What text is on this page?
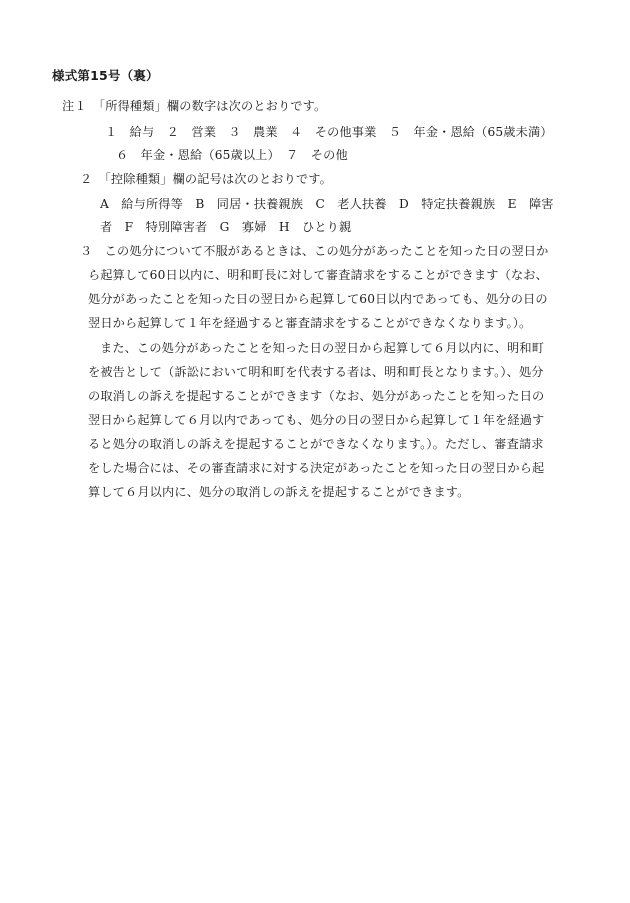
様式第15号（裏）
注１　「所得種類」欄の数字は次のとおりです。
１　給与　２　営業　３　農業　４　その他事業　５　年金・恩給（65歳未満）
６　年金・恩給（65歳以上）　７　その他
２　「控除種類」欄の記号は次のとおりです。
A　給与所得等　B　同居・扶養親族　C　老人扶養　D　特定扶養親族　E　障害
者　F　特別障害者　G　寡婦　H　ひとり親
３　この処分について不服があるときは、この処分があったことを知った日の翌日か
ら起算して60日以内に、明和町長に対して審査請求をすることができます（なお、
処分があったことを知った日の翌日から起算して60日以内であっても、処分の日の
翌日から起算して１年を経過すると審査請求をすることができなくなります。）。
また、この処分があったことを知った日の翌日から起算して６月以内に、明和町
を被告として（訴訟において明和町を代表する者は、明和町長となります。）、処分
の取消しの訴えを提起することができます（なお、処分があったことを知った日の
翌日から起算して６月以内であっても、処分の日の翌日から起算して１年を経過す
ると処分の取消しの訴えを提起することができなくなります。）。ただし、審査請求
をした場合には、その審査請求に対する決定があったことを知った日の翌日から起
算して６月以内に、処分の取消しの訴えを提起することができます。
